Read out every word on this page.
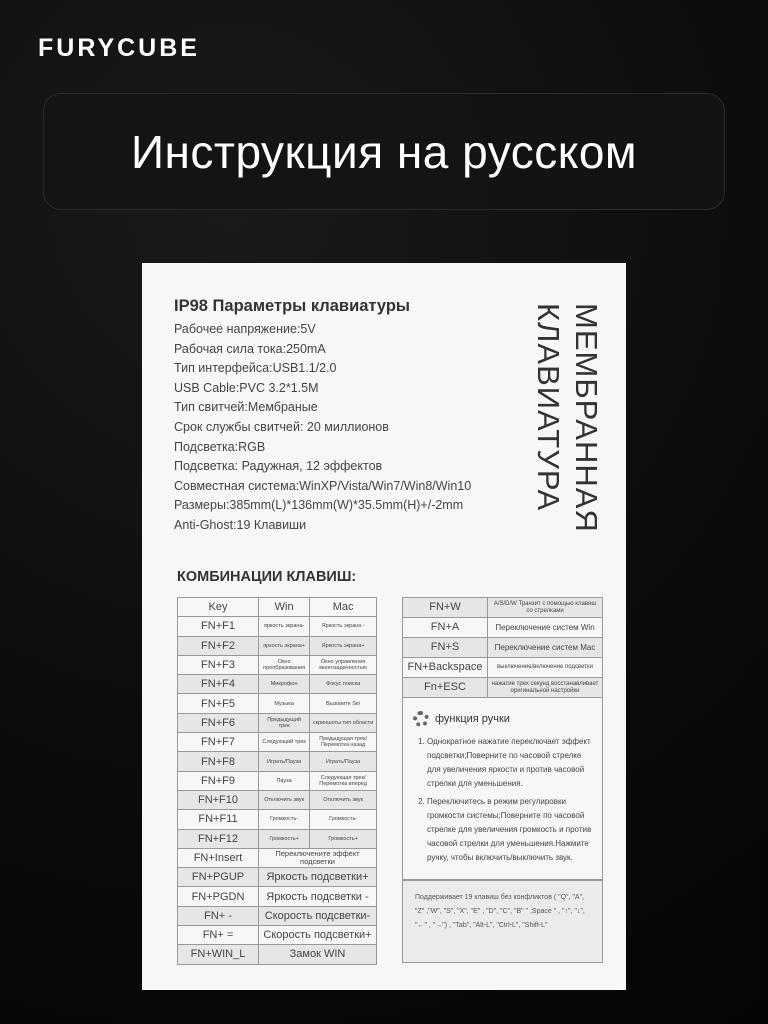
FURYCUBE
Инструкция на русском
IP98 Параметры клавиатуры
Рабочее напряжение:5V
Рабочая сила тока:250mA
Тип интерфейса:USB1.1/2.0
USB Cable:PVC 3.2*1.5M
Тип свитчей:Мембраные
Срок службы свитчей: 20 миллионов
Подсветка:RGB
Подсветка: Радужная, 12 эффектов
Совместная система:WinXP/Vista/Win7/Win8/Win10
Размеры:385mm(L)*136mm(W)*35.5mm(H)+/-2mm
Anti-Ghost:19 Клавиши	МЕМБРАННАЯ
КЛАВИАТУРА
КОМБИНАЦИИ КЛАВИШ:
Key	Win	Mac
FN+F1	яркость экрана-	Яркость экрана -
FN+F2	яркость экрана+	Яркость экрана+
FN+F3	Окно преобразования	Окно управления многозадачностью
FN+F4	Микрофон	Фокус поиска
FN+F5	Музыка	Вызовите Siri
FN+F6	Предыдущий трек	скриншоты тип области
FN+F7	Следующий трек	Предыдущая трек/ Перемотка назад
FN+F8	Играть/Пауза	Играть/Пауза
FN+F9	Пауза	Следующая трек/ Перемотка вперед
FN+F10	Отключить звук	Отключить звук
FN+F11	Громкость-	Громкость-
FN+F12	Громкость+	Громкость+
FN+Insert	Переключените эффект подсветки	
FN+PGUP	Яркость подсветки+	
FN+PGDN	Яркость подсветки -	
FN+ -	Скорость подсветки-	
FN+ =	Скорость подсветки+	
FN+WIN_L	Замок WIN	
FN+W	A/S/D/W Транзит с помощью клавиш со стрелками
FN+A	Переключение систем Win
FN+S	Переключение систем Mac
FN+Backspace	выключение/включение подсветки
Fn+ESC	нажатие трех секунд восстанавливает оригинальной настройки
функция ручки
1. Однократное нажатие переключает эффект подсветки;Поверните по часовой стрелке для увеличения яркости и против часовой стрелки для уменьшения.
2. Переключитесь в режим регулировки громкости системы;Поверните по часовой стрелке для увеличения громкость и против часовой стрелки для уменьшения.Нажмите ручку, чтобы включить/выключить звук.
Поддерживает 19 клавиш без конфликтов ( "Q", "A", "Z" ,"W", "S", "X", "E" , "D", "C", "B" " ,Space " , "↑", "↓", "←" , "→") , "Tab", "Alt-L", "Ctrl-L", "Shift-L"
